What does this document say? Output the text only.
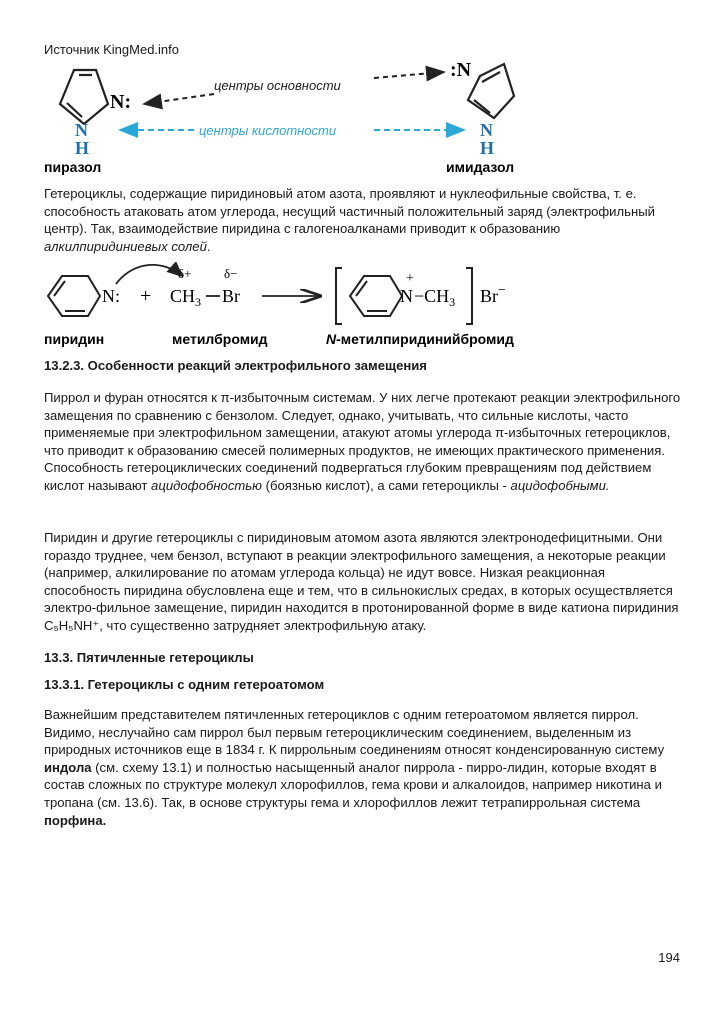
Источник KingMed.info
N:
N
H
пиразол
центры основности
центры кислотности
:N
N
H
имидазол

Гетероциклы, содержащие пиридиновый атом азота, проявляют и нуклеофильные свойства, т. е. способность атаковать атом углерода, несущий частичный положительный заряд (электрофильный центр). Так, взаимодействие пиридина с галогеноалканами приводит к образованию алкилпиридиниевых солей.

N: +
δ+	δ−
$CH_3$ Br	N
+
$-CH_3$ Br−
пиридин	метилбромид	N-метилпиридинийбромид

13.2.3. Особенности реакций электрофильного замещения

Пиррол и фуран относятся к π-избыточным системам. У них легче протекают реакции электрофильного замещения по сравнению с бензолом. Следует, однако, учитывать, что сильные кислоты, часто применяемые при электрофильном замещении, атакуют атомы углерода π-избыточных гетероциклов, что приводит к образованию смесей полимерных продуктов, не имеющих практического применения. Способность гетероциклических соединений подвергаться глубоким превращениям под действием кислот называют ацидофобностью (боязнью кислот), а сами гетероциклы - ацидофобными.

Пиридин и другие гетероциклы с пиридиновым атомом азота являются электронодефицитными. Они гораздо труднее, чем бензол, вступают в реакции электрофильного замещения, а некоторые реакции (например, алкилирование по атомам углерода кольца) не идут вовсе. Низкая реакционная способность пиридина обусловлена еще и тем, что в сильнокислых средах, в которых осуществляется электро-фильное замещение, пиридин находится в протонированной форме в виде катиона пиридиния C₅H₅NH⁺, что существенно затрудняет электрофильную атаку.

13.3. Пятичленные гетероциклы

13.3.1. Гетероциклы с одним гетероатомом

Важнейшим представителем пятичленных гетероциклов с одним гетероатомом является пиррол. Видимо, неслучайно сам пиррол был первым гетероциклическим соединением, выделенным из природных источников еще в 1834 г. К пиррольным соединениям относят конденсированную систему индола (см. схему 13.1) и полностью насыщенный аналог пиррола - пирро-лидин, которые входят в состав сложных по структуре молекул хлорофиллов, гема крови и алкалоидов, например никотина и тропана (см. 13.6). Так, в основе структуры гема и хлорофиллов лежит тетрапиррольная система порфина.

194
